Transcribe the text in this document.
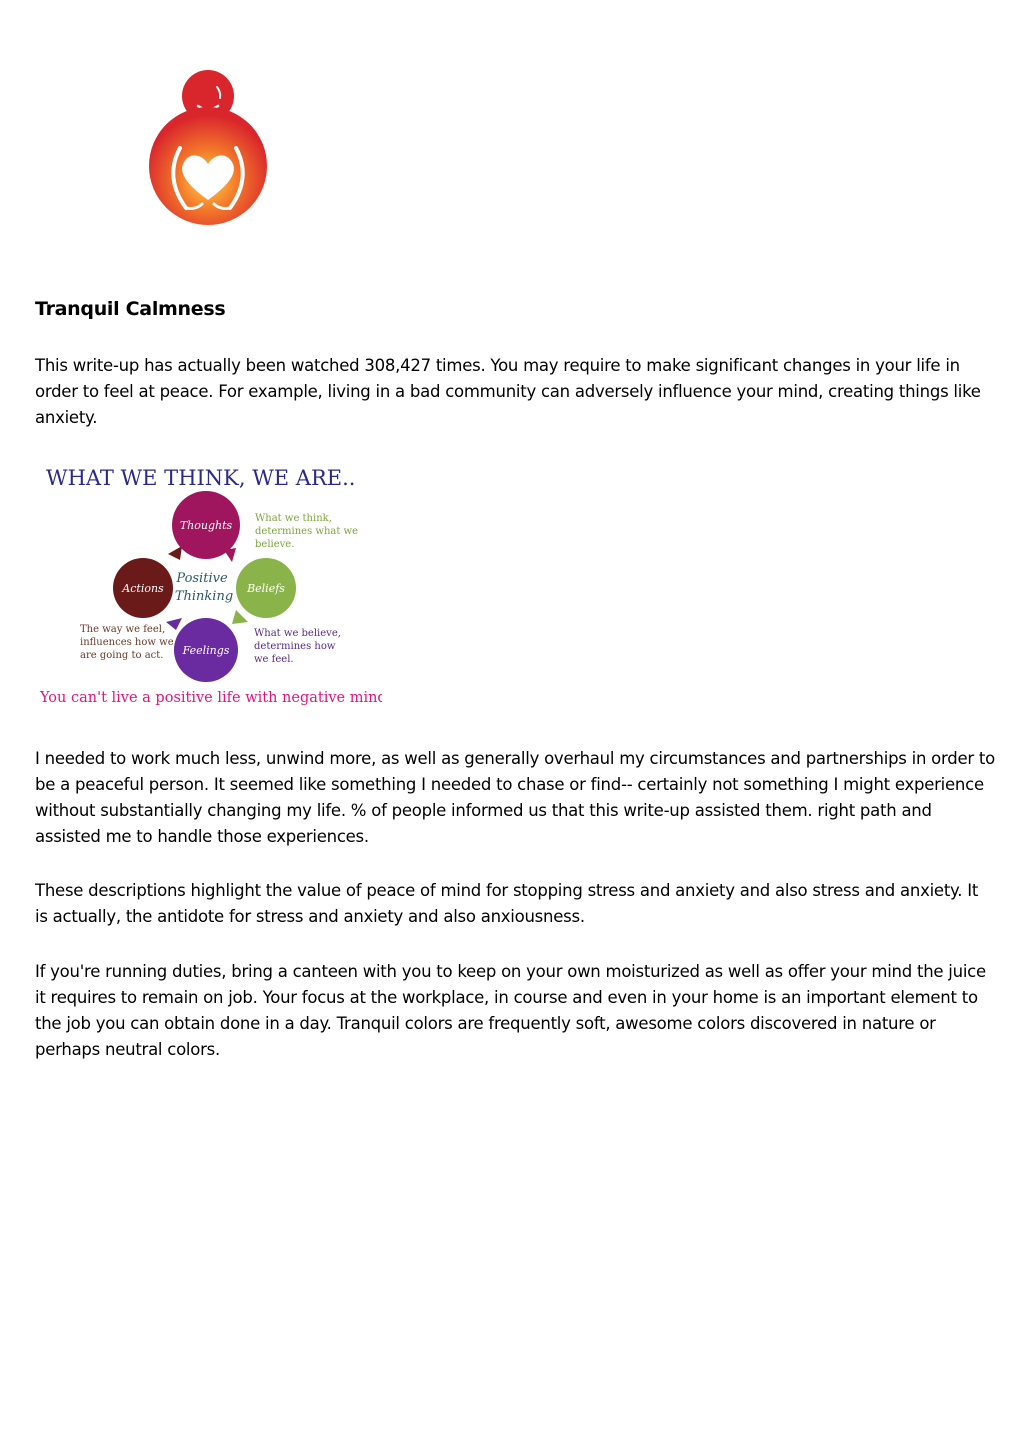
Tranquil Calmness

This write-up has actually been watched 308,427 times. You may require to make significant changes in your life in order to feel at peace. For example, living in a bad community can adversely influence your mind, creating things like anxiety.

WHAT WE THINK, WE ARE..
Thoughts
Beliefs
Feelings
Actions
Positive
Thinking
What we think, determines what we believe.
What we believe, determines how we feel.
The way we feel, influences how we are going to act.
You can't live a positive life with negative mind.

I needed to work much less, unwind more, as well as generally overhaul my circumstances and partnerships in order to be a peaceful person. It seemed like something I needed to chase or find-- certainly not something I might experience without substantially changing my life. % of people informed us that this write-up assisted them. right path and assisted me to handle those experiences.

These descriptions highlight the value of peace of mind for stopping stress and anxiety and also stress and anxiety. It is actually, the antidote for stress and anxiety and also anxiousness.

If you're running duties, bring a canteen with you to keep on your own moisturized as well as offer your mind the juice it requires to remain on job. Your focus at the workplace, in course and even in your home is an important element to the job you can obtain done in a day. Tranquil colors are frequently soft, awesome colors discovered in nature or perhaps neutral colors.
